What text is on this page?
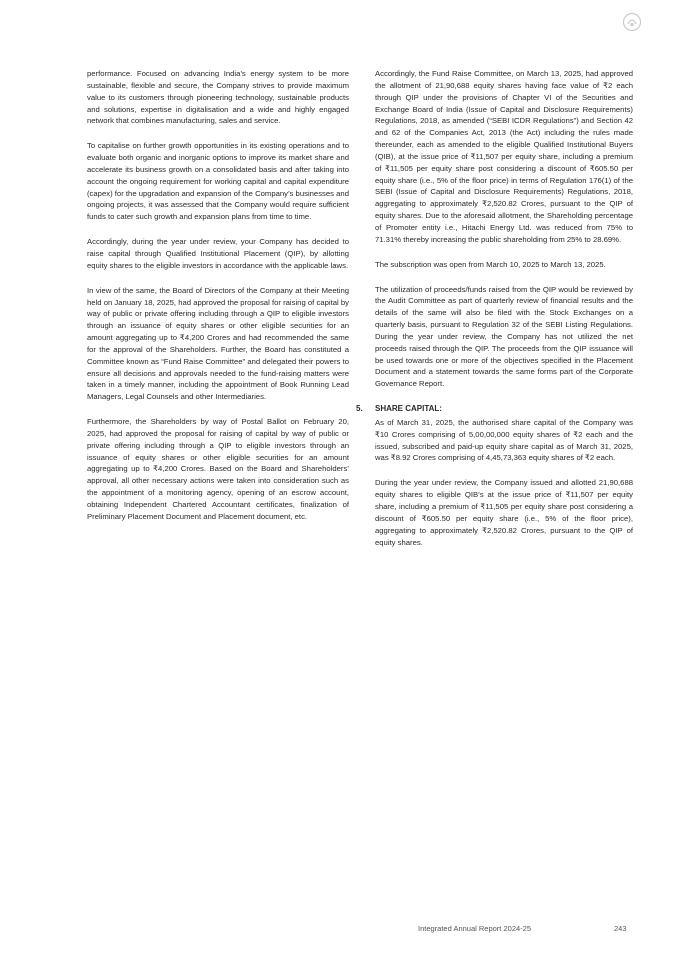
performance. Focused on advancing India’s energy system to be more sustainable, flexible and secure, the Company strives to provide maximum value to its customers through pioneering technology, sustainable products and solutions, expertise in digitalisation and a wide and highly engaged network that combines manufacturing, sales and service.

To capitalise on further growth opportunities in its existing operations and to evaluate both organic and inorganic options to improve its market share and accelerate its business growth on a consolidated basis and after taking into account the ongoing requirement for working capital and capital expenditure (capex) for the upgradation and expansion of the Company’s businesses and ongoing projects, it was assessed that the Company would require sufficient funds to cater such growth and expansion plans from time to time.

Accordingly, during the year under review, your Company has decided to raise capital through Qualified Institutional Placement (QIP), by allotting equity shares to the eligible investors in accordance with the applicable laws.

In view of the same, the Board of Directors of the Company at their Meeting held on January 18, 2025, had approved the proposal for raising of capital by way of public or private offering including through a QIP to eligible investors through an issuance of equity shares or other eligible securities for an amount aggregating up to ₹4,200 Crores and had recommended the same for the approval of the Shareholders. Further, the Board has constituted a Committee known as “Fund Raise Committee” and delegated their powers to ensure all decisions and approvals needed to the fund-raising matters were taken in a timely manner, including the appointment of Book Running Lead Managers, Legal Counsels and other Intermediaries.

Furthermore, the Shareholders by way of Postal Ballot on February 20, 2025, had approved the proposal for raising of capital by way of public or private offering including through a QIP to eligible investors through an issuance of equity shares or other eligible securities for an amount aggregating up to ₹4,200 Crores. Based on the Board and Shareholders’ approval, all other necessary actions were taken into consideration such as the appointment of a monitoring agency, opening of an escrow account, obtaining Independent Chartered Accountant certificates, finalization of Preliminary Placement Document and Placement document, etc.

Accordingly, the Fund Raise Committee, on March 13, 2025, had approved the allotment of 21,90,688 equity shares having face value of ₹2 each through QIP under the provisions of Chapter VI of the Securities and Exchange Board of India (Issue of Capital and Disclosure Requirements) Regulations, 2018, as amended (“SEBI ICDR Regulations”) and Section 42 and 62 of the Companies Act, 2013 (the Act) including the rules made thereunder, each as amended to the eligible Qualified Institutional Buyers (QIB), at the issue price of ₹11,507 per equity share, including a premium of ₹11,505 per equity share post considering a discount of ₹605.50 per equity share (i.e., 5% of the floor price) in terms of Regulation 176(1) of the SEBI (Issue of Capital and Disclosure Requirements) Regulations, 2018, aggregating to approximately ₹2,520.82 Crores, pursuant to the QIP of equity shares. Due to the aforesaid allotment, the Shareholding percentage of Promoter entity i.e., Hitachi Energy Ltd. was reduced from 75% to 71.31% thereby increasing the public shareholding from 25% to 28.69%.

The subscription was open from March 10, 2025 to March 13, 2025.

The utilization of proceeds/funds raised from the QIP would be reviewed by the Audit Committee as part of quarterly review of financial results and the details of the same will also be filed with the Stock Exchanges on a quarterly basis, pursuant to Regulation 32 of the SEBI Listing Regulations. During the year under review, the Company has not utilized the net proceeds raised through the QIP. The proceeds from the QIP issuance will be used towards one or more of the objectives specified in the Placement Document and a statement towards the same forms part of the Corporate Governance Report.

5. SHARE CAPITAL:

As of March 31, 2025, the authorised share capital of the Company was ₹10 Crores comprising of 5,00,00,000 equity shares of ₹2 each and the issued, subscribed and paid-up equity share capital as of March 31, 2025, was ₹8.92 Crores comprising of 4,45,73,363 equity shares of ₹2 each.

During the year under review, the Company issued and allotted 21,90,688 equity shares to eligible QIB’s at the issue price of ₹11,507 per equity share, including a premium of ₹11,505 per equity share post considering a discount of ₹605.50 per equity share (i.e., 5% of the floor price), aggregating to approximately ₹2,520.82 Crores, pursuant to the QIP of equity shares.

Integrated Annual Report 2024-25	243
